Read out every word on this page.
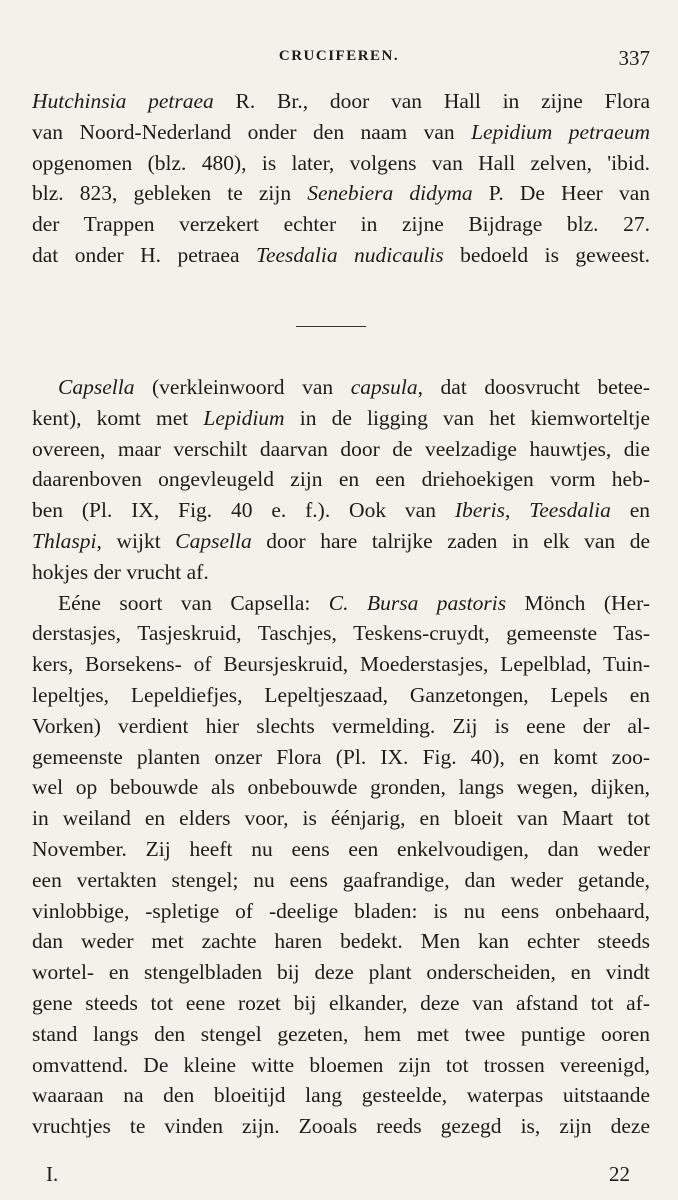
CRUCIFEREN.	337
Hutchinsia petraea R. Br., door van Hall in zijne Flora
van Noord-Nederland onder den naam van Lepidium petraeum
opgenomen (blz. 480), is later, volgens van Hall zelven, 'ibid.
blz. 823, gebleken te zijn Senebiera didyma P. De Heer van
der Trappen verzekert echter in zijne Bijdrage blz. 27.
dat onder H. petraea Teesdalia nudicaulis bedoeld is geweest.
Capsella (verkleinwoord van capsula, dat doosvrucht betee-
kent), komt met Lepidium in de ligging van het kiemworteltje
overeen, maar verschilt daarvan door de veelzadige hauwtjes, die
daarenboven ongevleugeld zijn en een driehoekigen vorm heb-
ben (Pl. IX, Fig. 40 e. f.). Ook van Iberis, Teesdalia en
Thlaspi, wijkt Capsella door hare talrijke zaden in elk van de
hokjes der vrucht af.
Eéne soort van Capsella: C. Bursa pastoris Mönch (Her-
derstasjes, Tasjeskruid, Taschjes, Teskens-cruydt, gemeenste Tas-
kers, Borsekens- of Beursjeskruid, Moederstasjes, Lepelblad, Tuin-
lepeltjes, Lepeldiefjes, Lepeltjeszaad, Ganzetongen, Lepels en
Vorken) verdient hier slechts vermelding. Zij is eene der al-
gemeenste planten onzer Flora (Pl. IX. Fig. 40), en komt zoo-
wel op bebouwde als onbebouwde gronden, langs wegen, dijken,
in weiland en elders voor, is éénjarig, en bloeit van Maart tot
November. Zij heeft nu eens een enkelvoudigen, dan weder
een vertakten stengel; nu eens gaafrandige, dan weder getande,
vinlobbige, -spletige of -deelige bladen: is nu eens onbehaard,
dan weder met zachte haren bedekt. Men kan echter steeds
wortel- en stengelbladen bij deze plant onderscheiden, en vindt
gene steeds tot eene rozet bij elkander, deze van afstand tot af-
stand langs den stengel gezeten, hem met twee puntige ooren
omvattend. De kleine witte bloemen zijn tot trossen vereenigd,
waaraan na den bloeitijd lang gesteelde, waterpas uitstaande
vruchtjes te vinden zijn. Zooals reeds gezegd is, zijn deze
I.	22
